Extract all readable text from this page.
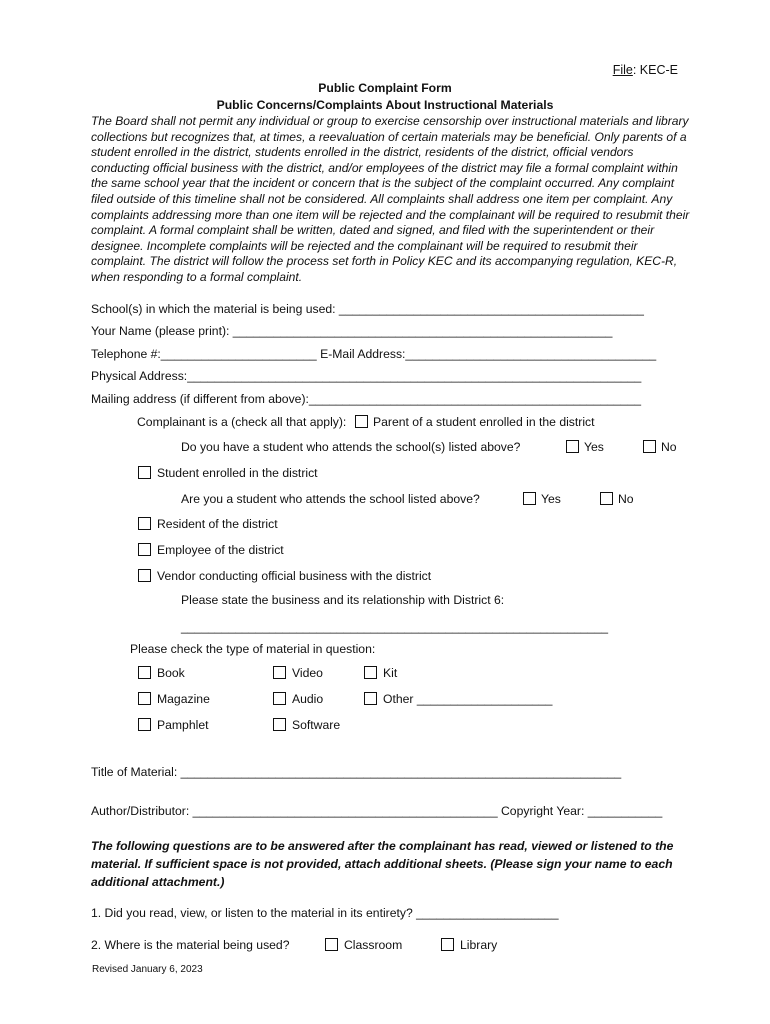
File: KEC-E
Public Complaint Form
Public Concerns/Complaints About Instructional Materials
The Board shall not permit any individual or group to exercise censorship over instructional materials and library collections but recognizes that, at times, a reevaluation of certain materials may be beneficial. Only parents of a student enrolled in the district, students enrolled in the district, residents of the district, official vendors conducting official business with the district, and/or employees of the district may file a formal complaint within the same school year that the incident or concern that is the subject of the complaint occurred. Any complaint filed outside of this timeline shall not be considered. All complaints shall address one item per complaint. Any complaints addressing more than one item will be rejected and the complainant will be required to resubmit their complaint. A formal complaint shall be written, dated and signed, and filed with the superintendent or their designee. Incomplete complaints will be rejected and the complainant will be required to resubmit their complaint. The district will follow the process set forth in Policy KEC and its accompanying regulation, KEC-R, when responding to a formal complaint.
School(s) in which the material is being used: _____________________________________________
Your Name (please print): ________________________________________________________
Telephone #:_______________________ E-Mail Address:_____________________________________
Physical Address:___________________________________________________________________
Mailing address (if different from above):_________________________________________________
Complainant is a (check all that apply): Parent of a student enrolled in the district
Do you have a student who attends the school(s) listed above?	Yes	No
Student enrolled in the district
Are you a student who attends the school listed above?	Yes	No
Resident of the district
Employee of the district
Vendor conducting official business with the district
Please state the business and its relationship with District 6:
_______________________________________________________________
Please check the type of material in question:
Book	Video	Kit
Magazine	Audio	Other ____________________
Pamphlet	Software
Title of Material: _________________________________________________________________
Author/Distributor: _____________________________________________ Copyright Year: ___________
The following questions are to be answered after the complainant has read, viewed or listened to the material. If sufficient space is not provided, attach additional sheets. (Please sign your name to each additional attachment.)
1. Did you read, view, or listen to the material in its entirety? _____________________
2. Where is the material being used?	Classroom	Library
Revised January 6, 2023
